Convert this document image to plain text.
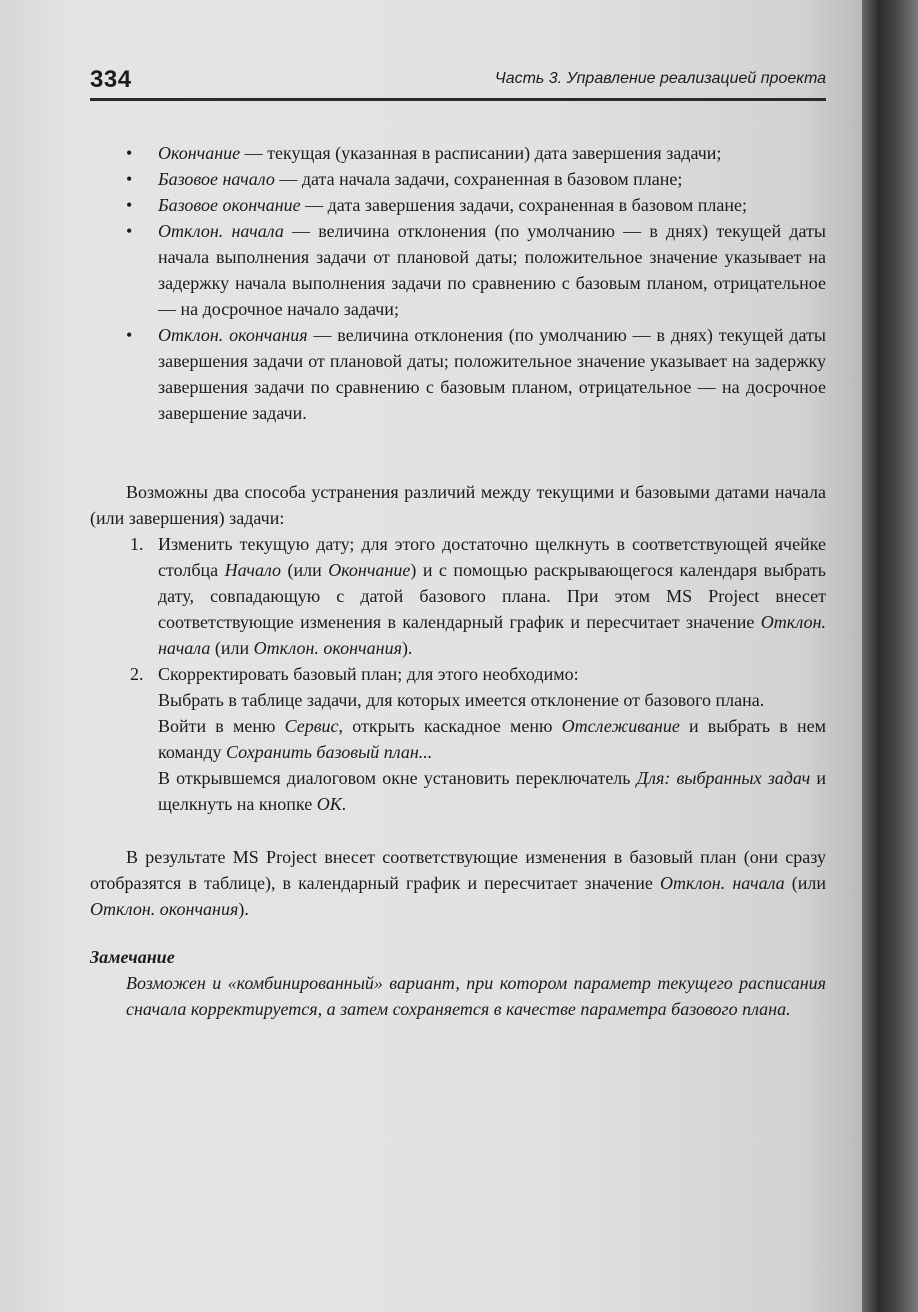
334	Часть 3. Управление реализацией проекта
• Окончание — текущая (указанная в расписании) дата завершения задачи;
• Базовое начало — дата начала задачи, сохраненная в базовом плане;
• Базовое окончание — дата завершения задачи, сохраненная в базовом плане;
• Отклон. начала — величина отклонения (по умолчанию — в днях) текущей даты начала выполнения задачи от плановой даты; положительное значение указывает на задержку начала выполнения задачи по сравнению с базовым планом, отрицательное — на досрочное начало задачи;
• Отклон. окончания — величина отклонения (по умолчанию — в днях) текущей даты завершения задачи от плановой даты; положительное значение указывает на задержку завершения задачи по сравнению с базовым планом, отрицательное — на досрочное завершение задачи.

Возможны два способа устранения различий между текущими и базовыми датами начала (или завершения) задачи:

1. Изменить текущую дату; для этого достаточно щелкнуть в соответствующей ячейке столбца Начало (или Окончание) и с помощью раскрывающегося календаря выбрать дату, совпадающую с датой базового плана. При этом MS Project внесет соответствующие изменения в календарный график и пересчитает значение Отклон. начала (или Отклон. окончания).
2. Скорректировать базовый план; для этого необходимо:

Выбрать в таблице задачи, для которых имеется отклонение от базового плана.

Войти в меню Сервис, открыть каскадное меню Отслеживание и выбрать в нем команду Сохранить базовый план...

В открывшемся диалоговом окне установить переключатель Для: выбранных задач и щелкнуть на кнопке ОК.

В результате MS Project внесет соответствующие изменения в базовый план (они сразу отобразятся в таблице), в календарный график и пересчитает значение Отклон. начала (или Отклон. окончания).

Замечание

Возможен и «комбинированный» вариант, при котором параметр текущего расписания сначала корректируется, а затем сохраняется в качестве параметра базового плана.
